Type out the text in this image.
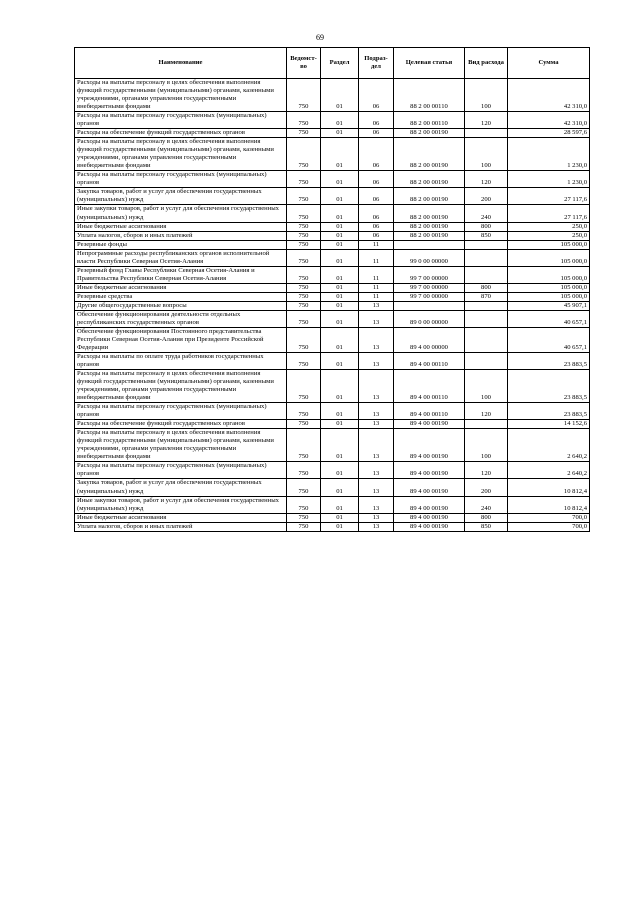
69
Наименование	Ведомст-во	Раздел	Подраз-дел	Целевая статья	Вид расхода	Сумма
Расходы на выплаты персоналу в целях обеспечения выполнения функций государственными (муниципальными) органами, казенными учреждениями, органами управления государственными внебюджетными фондами	750	01	06	88 2 00 00110	100	42 310,0
Расходы на выплаты персоналу государственных (муниципальных) органов	750	01	06	88 2 00 00110	120	42 310,0
Расходы на обеспечение функций государственных органов	750	01	06	88 2 00 00190		28 597,6
Расходы на выплаты персоналу в целях обеспечения выполнения функций государственными (муниципальными) органами, казенными учреждениями, органами управления государственными внебюджетными фондами	750	01	06	88 2 00 00190	100	1 230,0
Расходы на выплаты персоналу государственных (муниципальных) органов	750	01	06	88 2 00 00190	120	1 230,0
Закупка товаров, работ и услуг для обеспечения государственных (муниципальных) нужд	750	01	06	88 2 00 00190	200	27 117,6
Иные закупки товаров, работ и услуг для обеспечения государственных (муниципальных) нужд	750	01	06	88 2 00 00190	240	27 117,6
Иные бюджетные ассигнования	750	01	06	88 2 00 00190	800	250,0
Уплата налогов, сборов и иных платежей	750	01	06	88 2 00 00190	850	250,0
Резервные фонды	750	01	11			105 000,0
Непрограммные расходы республиканских органов исполнительной власти Республики Северная Осетия-Алания	750	01	11	99 0 00 00000		105 000,0
Резервный фонд Главы Республики Северная Осетия-Алания и Правительства Республики Северная Осетия-Алания	750	01	11	99 7 00 00000		105 000,0
Иные бюджетные ассигнования	750	01	11	99 7 00 00000	800	105 000,0
Резервные средства	750	01	11	99 7 00 00000	870	105 000,0
Другие общегосударственные вопросы	750	01	13			45 907,1
Обеспечение функционирования деятельности отдельных республиканских государственных органов	750	01	13	89 0 00 00000		40 657,1
Обеспечение функционирования Постоянного представительства Республики Северная Осетия-Алания при Президенте Российской Федерации	750	01	13	89 4 00 00000		40 657,1
Расходы на выплаты по оплате труда работников государственных органов	750	01	13	89 4 00 00110		23 883,5
Расходы на выплаты персоналу в целях обеспечения выполнения функций государственными (муниципальными) органами, казенными учреждениями, органами управления государственными внебюджетными фондами	750	01	13	89 4 00 00110	100	23 883,5
Расходы на выплаты персоналу государственных (муниципальных) органов	750	01	13	89 4 00 00110	120	23 883,5
Расходы на обеспечение функций государственных органов	750	01	13	89 4 00 00190		14 152,6
Расходы на выплаты персоналу в целях обеспечения выполнения функций государственными (муниципальными) органами, казенными учреждениями, органами управления государственными внебюджетными фондами	750	01	13	89 4 00 00190	100	2 640,2
Расходы на выплаты персоналу государственных (муниципальных) органов	750	01	13	89 4 00 00190	120	2 640,2
Закупка товаров, работ и услуг для обеспечения государственных (муниципальных) нужд	750	01	13	89 4 00 00190	200	10 812,4
Иные закупки товаров, работ и услуг для обеспечения государственных (муниципальных) нужд	750	01	13	89 4 00 00190	240	10 812,4
Иные бюджетные ассигнования	750	01	13	89 4 00 00190	800	700,0
Уплата налогов, сборов и иных платежей	750	01	13	89 4 00 00190	850	700,0
